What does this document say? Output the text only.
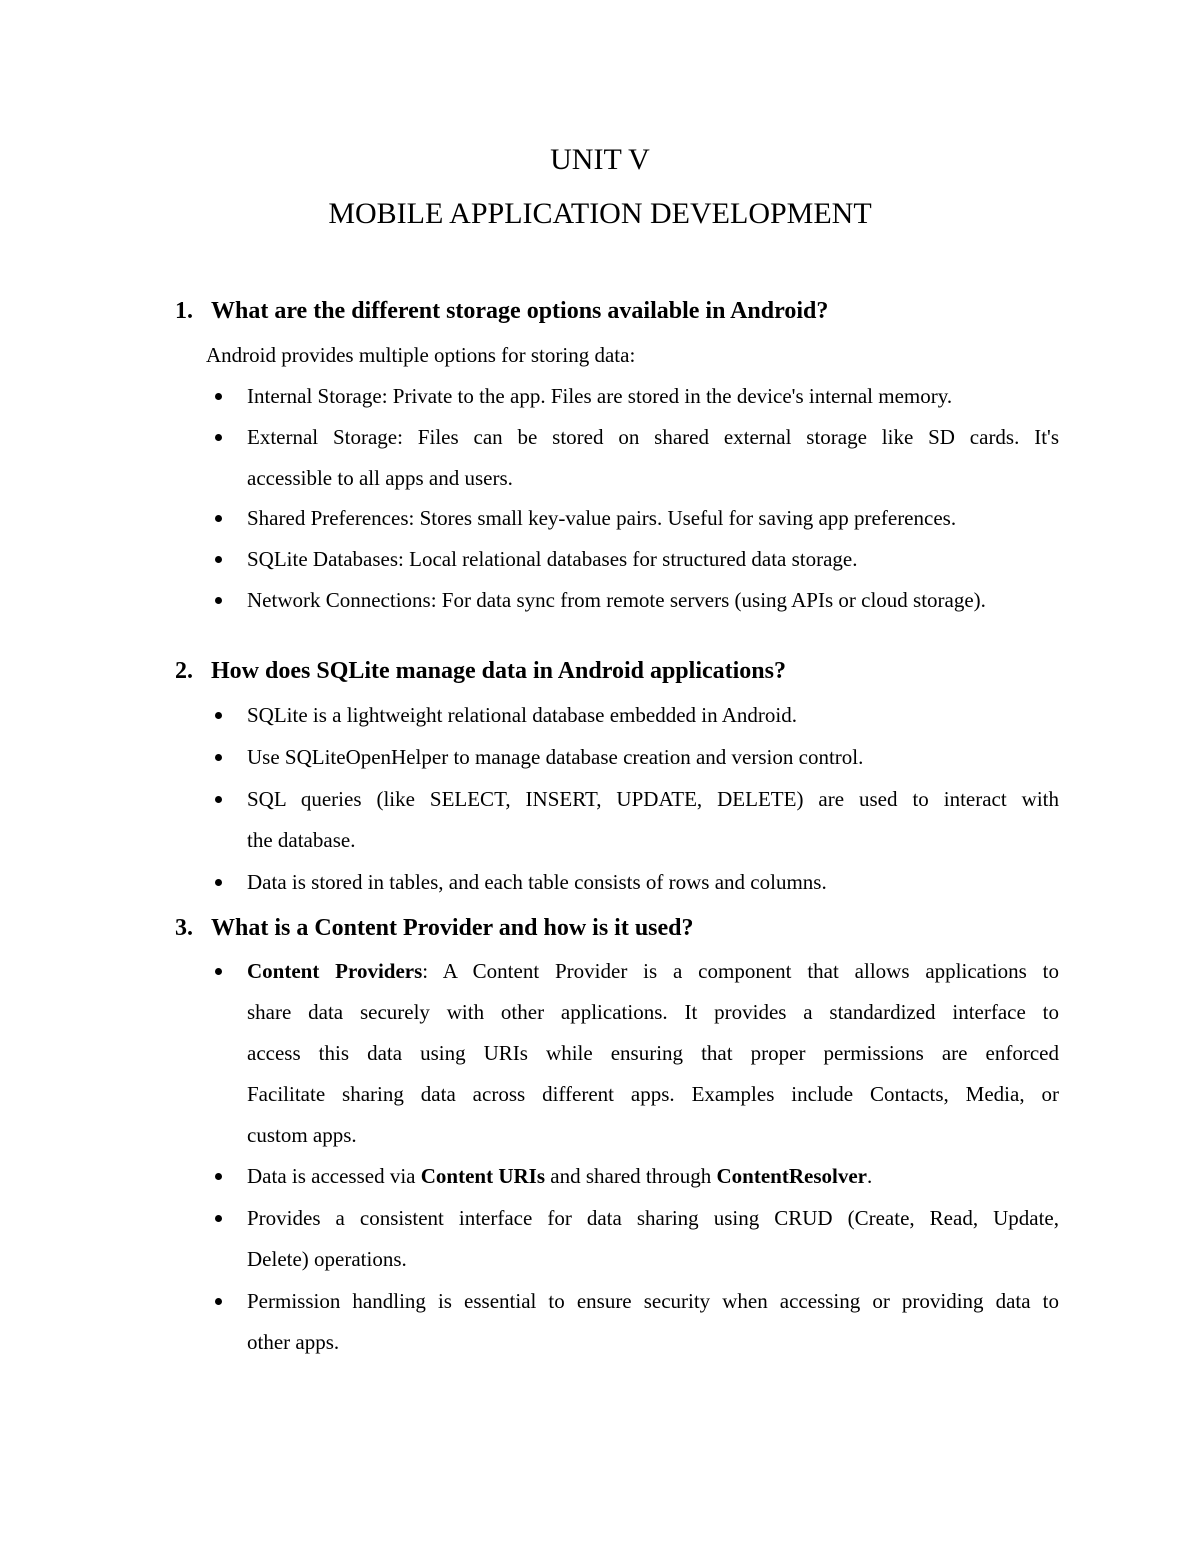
UNIT V
MOBILE APPLICATION DEVELOPMENT
1. What are the different storage options available in Android?
Android provides multiple options for storing data:
Internal Storage: Private to the app. Files are stored in the device's internal memory.
External Storage: Files can be stored on shared external storage like SD cards. It's
accessible to all apps and users.
Shared Preferences: Stores small key-value pairs. Useful for saving app preferences.
SQLite Databases: Local relational databases for structured data storage.
Network Connections: For data sync from remote servers (using APIs or cloud storage).
2. How does SQLite manage data in Android applications?
SQLite is a lightweight relational database embedded in Android.
Use SQLiteOpenHelper to manage database creation and version control.
SQL queries (like SELECT, INSERT, UPDATE, DELETE) are used to interact with
the database.
Data is stored in tables, and each table consists of rows and columns.
3. What is a Content Provider and how is it used?
Content Providers: A Content Provider is a component that allows applications to
share data securely with other applications. It provides a standardized interface to
access this data using URIs while ensuring that proper permissions are enforced
Facilitate sharing data across different apps. Examples include Contacts, Media, or
custom apps.
Data is accessed via Content URIs and shared through ContentResolver.
Provides a consistent interface for data sharing using CRUD (Create, Read, Update,
Delete) operations.
Permission handling is essential to ensure security when accessing or providing data to
other apps.
